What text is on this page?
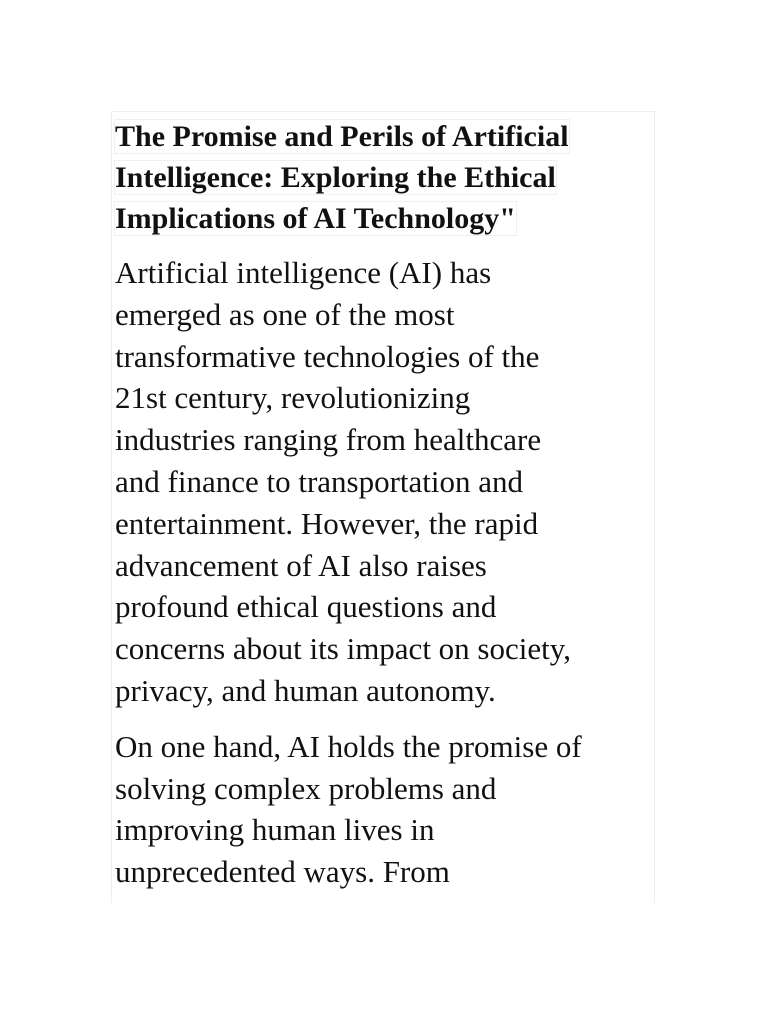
The Promise and Perils of Artificial
Intelligence: Exploring the Ethical
Implications of AI Technology"

Artificial intelligence (AI) has
emerged as one of the most
transformative technologies of the
21st century, revolutionizing
industries ranging from healthcare
and finance to transportation and
entertainment. However, the rapid
advancement of AI also raises
profound ethical questions and
concerns about its impact on society,
privacy, and human autonomy.

On one hand, AI holds the promise of
solving complex problems and
improving human lives in
unprecedented ways. From
